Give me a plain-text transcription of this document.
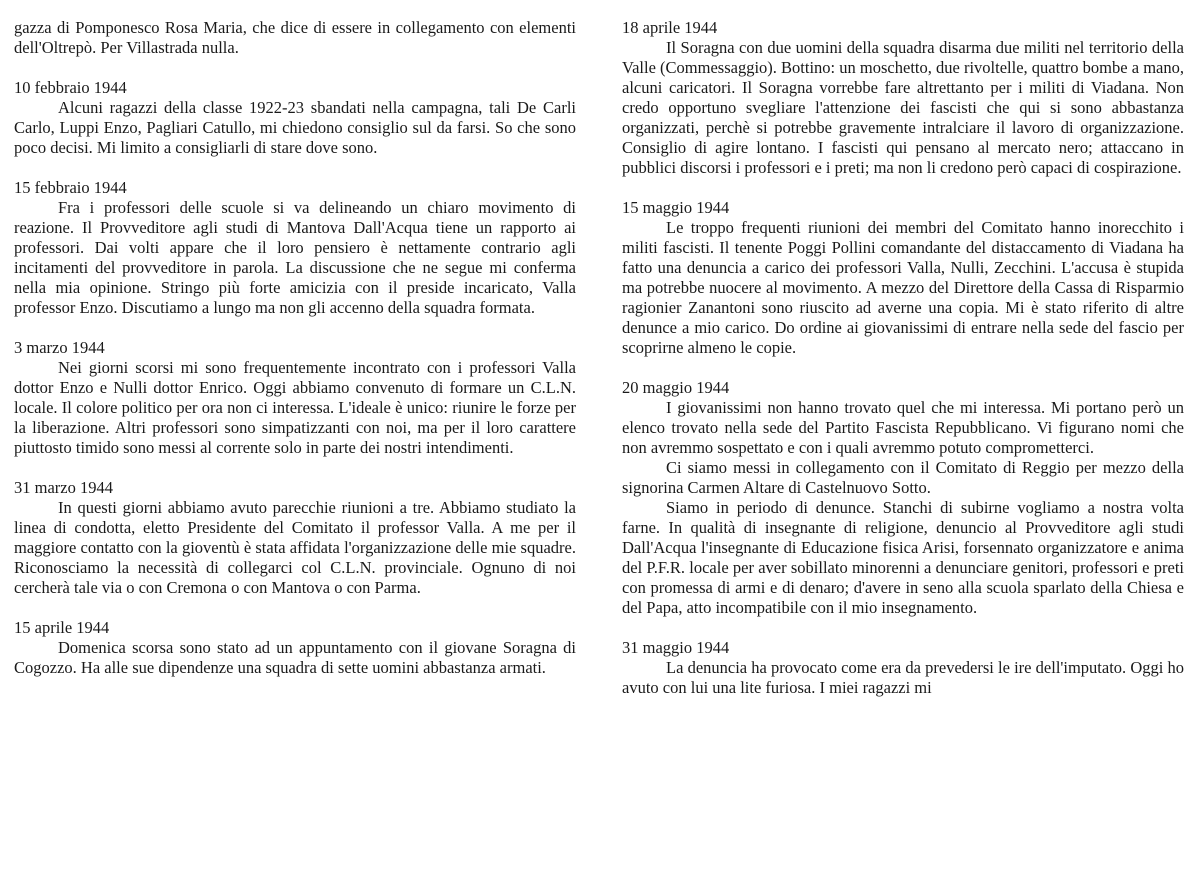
gazza di Pomponesco Rosa Maria, che dice di essere in collegamento con elementi dell'Oltrepò. Per Villastrada nulla.

10 febbraio 1944

Alcuni ragazzi della classe 1922-23 sbandati nella campagna, tali De Carli Carlo, Luppi Enzo, Pagliari Catullo, mi chiedono consiglio sul da farsi. So che sono poco decisi. Mi limito a consigliarli di stare dove sono.

15 febbraio 1944

Fra i professori delle scuole si va delineando un chiaro movimento di reazione. Il Provveditore agli studi di Mantova Dall'Acqua tiene un rapporto ai professori. Dai volti appare che il loro pensiero è nettamente contrario agli incitamenti del provveditore in parola. La discussione che ne segue mi conferma nella mia opinione. Stringo più forte amicizia con il preside incaricato, Valla professor Enzo. Discutiamo a lungo ma non gli accenno della squadra formata.

3 marzo 1944

Nei giorni scorsi mi sono frequentemente incontrato con i professori Valla dottor Enzo e Nulli dottor Enrico. Oggi abbiamo convenuto di formare un C.L.N. locale. Il colore politico per ora non ci interessa. L'ideale è unico: riunire le forze per la liberazione. Altri professori sono simpatizzanti con noi, ma per il loro carattere piuttosto timido sono messi al corrente solo in parte dei nostri intendimenti.

31 marzo 1944

In questi giorni abbiamo avuto parecchie riunioni a tre. Abbiamo studiato la linea di condotta, eletto Presidente del Comitato il professor Valla. A me per il maggiore contatto con la gioventù è stata affidata l'organizzazione delle mie squadre. Riconosciamo la necessità di collegarci col C.L.N. provinciale. Ognuno di noi cercherà tale via o con Cremona o con Mantova o con Parma.

15 aprile 1944

Domenica scorsa sono stato ad un appuntamento con il giovane Soragna di Cogozzo. Ha alle sue dipendenze una squadra di sette uomini abbastanza armati.

18 aprile 1944

Il Soragna con due uomini della squadra disarma due militi nel territorio della Valle (Commessaggio). Bottino: un moschetto, due rivoltelle, quattro bombe a mano, alcuni caricatori. Il Soragna vorrebbe fare altrettanto per i militi di Viadana. Non credo opportuno svegliare l'attenzione dei fascisti che qui si sono abbastanza organizzati, perchè si potrebbe gravemente intralciare il lavoro di organizzazione. Consiglio di agire lontano. I fascisti qui pensano al mercato nero; attaccano in pubblici discorsi i professori e i preti; ma non li credono però capaci di cospirazione.

15 maggio 1944

Le troppo frequenti riunioni dei membri del Comitato hanno inorecchito i militi fascisti. Il tenente Poggi Pollini comandante del distaccamento di Viadana ha fatto una denuncia a carico dei professori Valla, Nulli, Zecchini. L'accusa è stupida ma potrebbe nuocere al movimento. A mezzo del Direttore della Cassa di Risparmio ragionier Zanantoni sono riuscito ad averne una copia. Mi è stato riferito di altre denunce a mio carico. Do ordine ai giovanissimi di entrare nella sede del fascio per scoprirne almeno le copie.

20 maggio 1944

I giovanissimi non hanno trovato quel che mi interessa. Mi portano però un elenco trovato nella sede del Partito Fascista Repubblicano. Vi figurano nomi che non avremmo sospettato e con i quali avremmo potuto comprometterci.

Ci siamo messi in collegamento con il Comitato di Reggio per mezzo della signorina Carmen Altare di Castelnuovo Sotto.

Siamo in periodo di denunce. Stanchi di subirne vogliamo a nostra volta farne. In qualità di insegnante di religione, denuncio al Provveditore agli studi Dall'Acqua l'insegnante di Educazione fisica Arisi, forsennato organizzatore e anima del P.F.R. locale per aver sobillato minorenni a denunciare genitori, professori e preti con promessa di armi e di denaro; d'avere in seno alla scuola sparlato della Chiesa e del Papa, atto incompatibile con il mio insegnamento.

31 maggio 1944

La denuncia ha provocato come era da prevedersi le ire dell'imputato. Oggi ho avuto con lui una lite furiosa. I miei ragazzi mi
